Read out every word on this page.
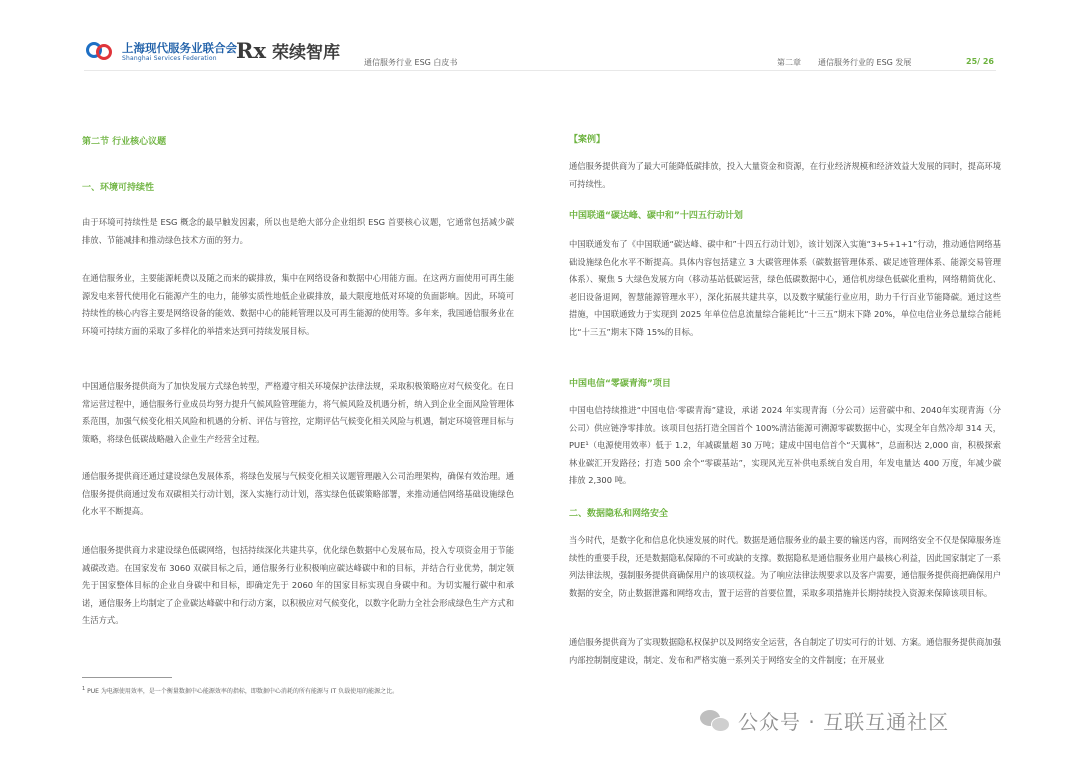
上海现代服务业联合会
Shanghai Services Federation Rx 荣续智库	通信服务行业 ESG 白皮书	第二章 通信服务行业的 ESG 发展	25/ 26

第二节 行业核心议题

一、环境可持续性

由于环境可持续性是 ESG 概念的最早触发因素，所以也是绝大部分企业组织 ESG 首要核心议题，它通常包括减少碳排放、节能减排和推动绿色技术方面的努力。

在通信服务业，主要能源耗费以及随之而来的碳排放，集中在网络设备和数据中心用能方面。在这两方面使用可再生能源发电来替代使用化石能源产生的电力，能够实质性地低企业碳排放，最大限度地低对环境的负面影响。因此，环境可持续性的核心内容主要是网络设备的能效、数据中心的能耗管理以及可再生能源的使用等。多年来，我国通信服务业在环境可持续方面的采取了多样化的举措来达到可持续发展目标。

中国通信服务提供商为了加快发展方式绿色转型，严格遵守相关环境保护法律法规，采取积极策略应对气候变化。在日常运营过程中，通信服务行业成员均努力提升气候风险管理能力，将气候风险及机遇分析，纳入到企业全面风险管理体系范围，加强气候变化相关风险和机遇的分析、评估与管控，定期评估气候变化相关风险与机遇，制定环境管理目标与策略，将绿色低碳战略融入企业生产经营全过程。

通信服务提供商还通过建设绿色发展体系，将绿色发展与气候变化相关议题管理融入公司治理架构，确保有效治理。通信服务提供商通过发布双碳相关行动计划，深入实施行动计划，落实绿色低碳策略部署，来推动通信网络基础设施绿色化水平不断提高。

通信服务提供商力求建设绿色低碳网络，包括持续深化共建共享，优化绿色数据中心发展布局，投入专项资金用于节能减碳改造。在国家发布 3060 双碳目标之后，通信服务行业积极响应碳达峰碳中和的目标，并结合行业优势，制定领先于国家整体目标的企业自身碳中和目标，即确定先于 2060 年的国家目标实现自身碳中和。为切实履行碳中和承诺，通信服务上均制定了企业碳达峰碳中和行动方案，以积极应对气候变化，以数字化助力全社会形成绿色生产方式和生活方式。

$^1$ PUE 为电源使用效率，是一个衡量数据中心能源效率的指标，即数据中心消耗的所有能源与 IT 负载使用的能源之比。

【案例】

通信服务提供商为了最大可能降低碳排放，投入大量资金和资源，在行业经济规模和经济效益大发展的同时，提高环境可持续性。

中国联通“碳达峰、碳中和”十四五行动计划

中国联通发布了《中国联通“碳达峰、碳中和”十四五行动计划》，该计划深入实施“3+5+1+1”行动，推动通信网络基础设施绿色化水平不断提高。具体内容包括建立 3 大碳管理体系（碳数据管理体系、碳足迹管理体系、能源交易管理体系）、聚焦 5 大绿色发展方向（移动基站低碳运营，绿色低碳数据中心，通信机房绿色低碳化重构，网络精简优化、老旧设备退网，智慧能源管理水平），深化拓展共建共享，以及数字赋能行业应用，助力千行百业节能降碳。通过这些措施，中国联通致力于实现到 2025 年单位信息流量综合能耗比“十三五”期末下降 20%，单位电信业务总量综合能耗比“十三五”期末下降 15%的目标。

中国电信“零碳青海”项目

中国电信持续推进“中国电信·零碳青海”建设，承诺 2024 年实现青海（分公司）运营碳中和、2040年实现青海（分公司）供应链净零排放。该项目包括打造全国首个 100%清洁能源可溯源零碳数据中心，实现全年自然冷却 314 天，PUE¹（电源使用效率）低于 1.2，年减碳量超 30 万吨；建成中国电信首个“天翼林”，总面积达 2,000 亩，积极探索林业碳汇开发路径；打造 500 余个“零碳基站”，实现风光互补供电系统自发自用，年发电量达 400 万度，年减少碳排放 2,300 吨。

二、数据隐私和网络安全

当今时代，是数字化和信息化快速发展的时代。数据是通信服务业的最主要的输送内容，而网络安全不仅是保障服务连续性的重要手段，还是数据隐私保障的不可或缺的支撑。数据隐私是通信服务业用户最核心利益，因此国家制定了一系列法律法规，强制服务提供商确保用户的该项权益。为了响应法律法规要求以及客户需要，通信服务提供商把确保用户数据的安全，防止数据泄露和网络攻击，置于运营的首要位置，采取多项措施并长期持续投入资源来保障该项目标。

通信服务提供商为了实现数据隐私权保护以及网络安全运营，各自制定了切实可行的计划、方案。通信服务提供商加强内部控制制度建设，制定、发布和严格实施一系列关于网络安全的文件制度；在开展业

公众号 · 互联互通社区
